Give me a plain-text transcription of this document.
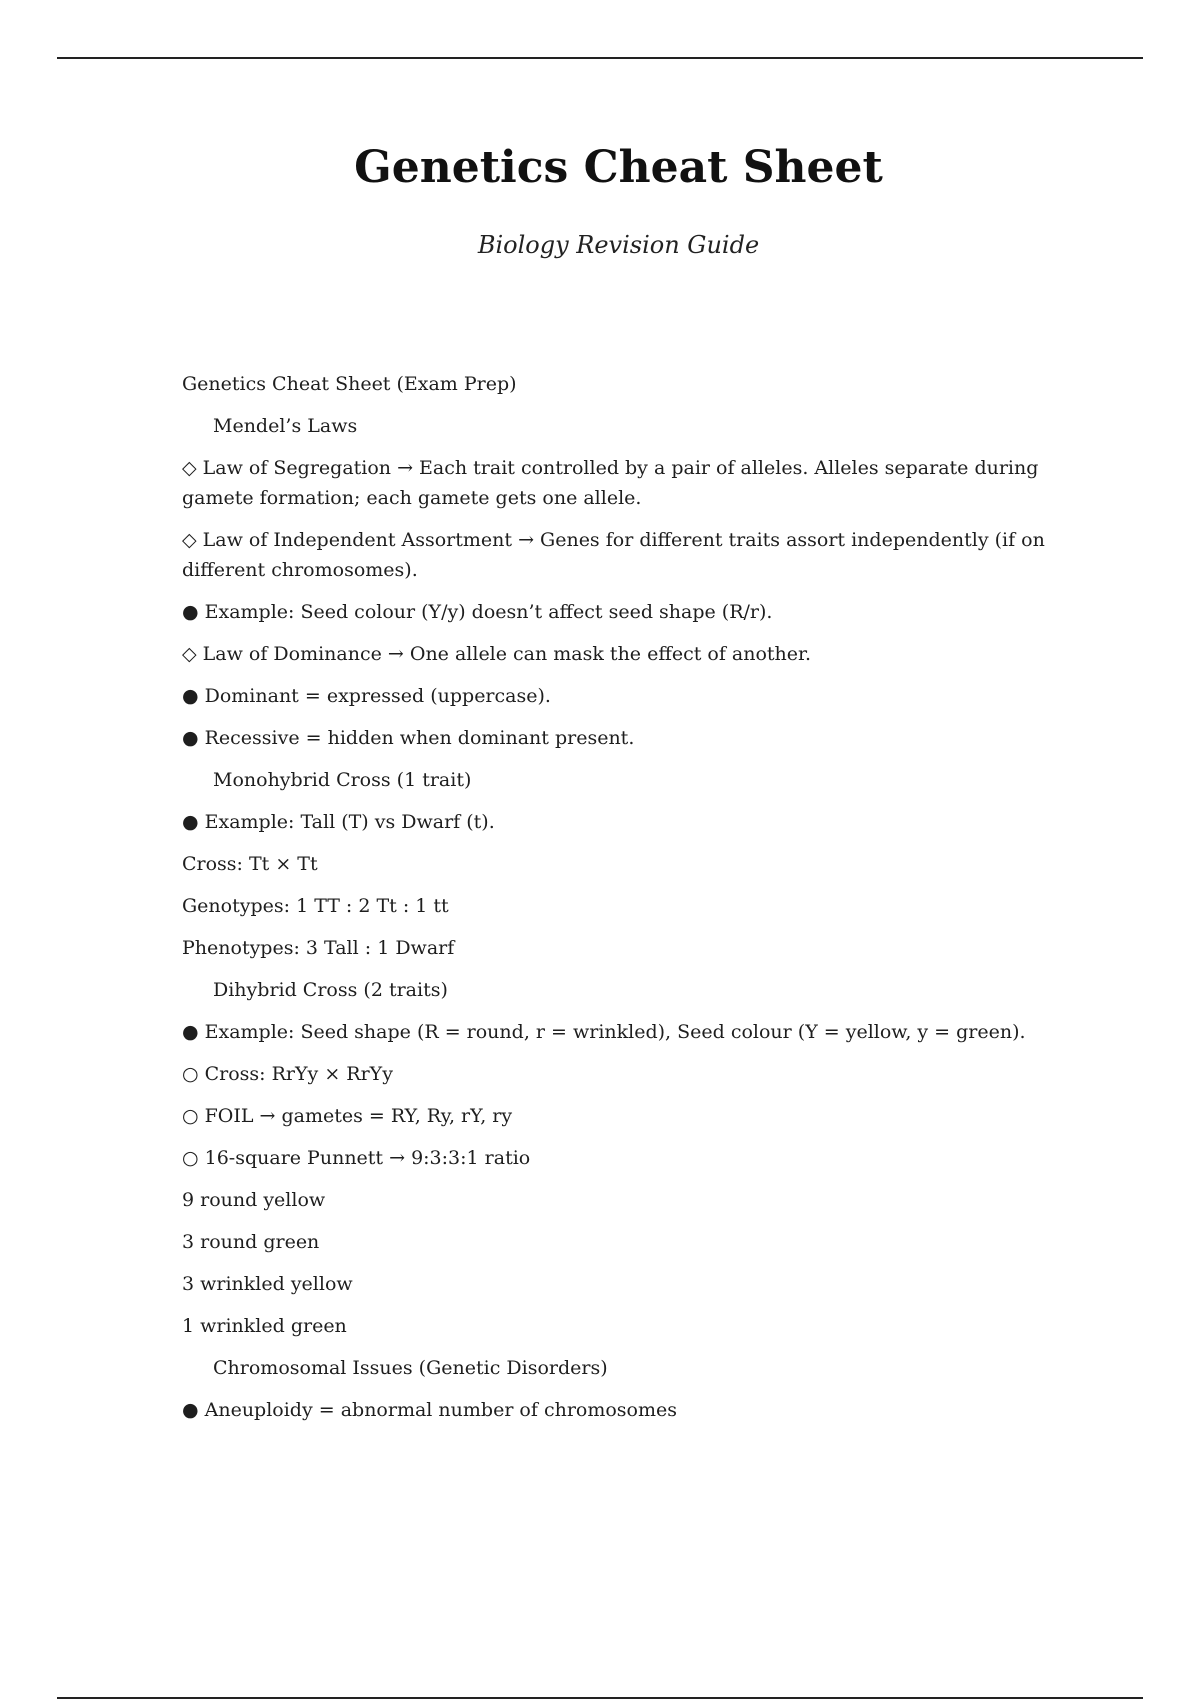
Genetics Cheat Sheet

Biology Revision Guide

Genetics Cheat Sheet (Exam Prep)

Mendel’s Laws

◇ Law of Segregation → Each trait controlled by a pair of alleles. Alleles separate during gamete formation; each gamete gets one allele.

◇ Law of Independent Assortment → Genes for different traits assort independently (if on different chromosomes).

● Example: Seed colour (Y/y) doesn’t affect seed shape (R/r).

◇ Law of Dominance → One allele can mask the effect of another.

● Dominant = expressed (uppercase).

● Recessive = hidden when dominant present.

Monohybrid Cross (1 trait)

● Example: Tall (T) vs Dwarf (t).

Cross: Tt × Tt

Genotypes: 1 TT : 2 Tt : 1 tt

Phenotypes: 3 Tall : 1 Dwarf

Dihybrid Cross (2 traits)

● Example: Seed shape (R = round, r = wrinkled), Seed colour (Y = yellow, y = green).

○ Cross: RrYy × RrYy

○ FOIL → gametes = RY, Ry, rY, ry

○ 16-square Punnett → 9:3:3:1 ratio

9 round yellow

3 round green

3 wrinkled yellow

1 wrinkled green

Chromosomal Issues (Genetic Disorders)

● Aneuploidy = abnormal number of chromosomes
